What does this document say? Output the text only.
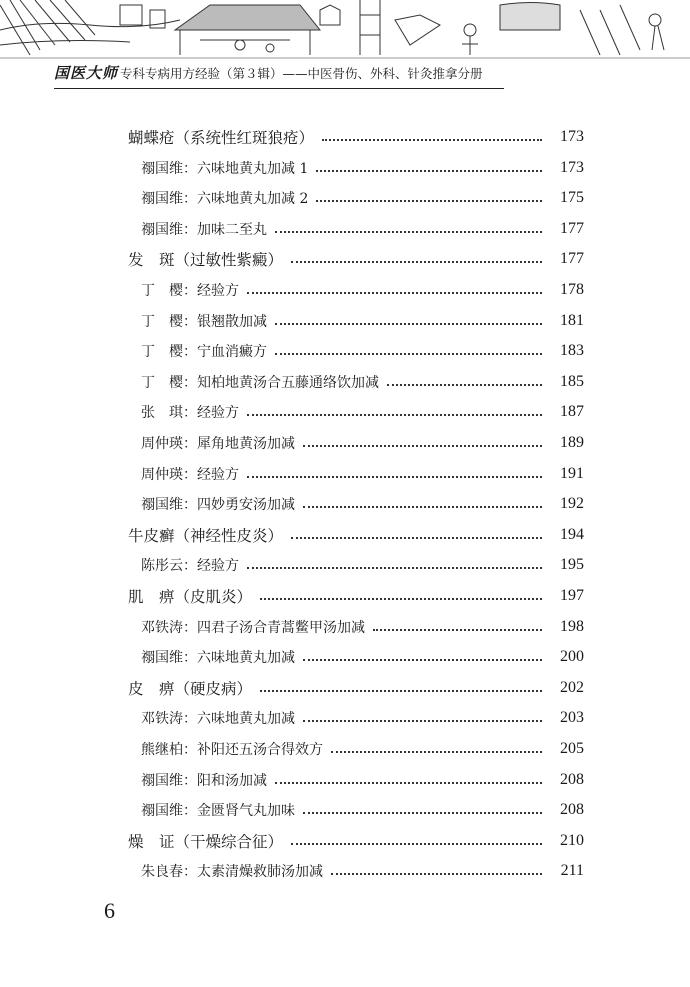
国医大师 专科专病用方经验（第３辑）——中医骨伤、外科、针灸推拿分册
蝴蝶疮（系统性红斑狼疮）	173
禤国维：六味地黄丸加减 1	173
禤国维：六味地黄丸加减 2	175
禤国维：加味二至丸	177
发　斑（过敏性紫癜）	177
丁　樱：经验方	178
丁　樱：银翘散加减	181
丁　樱：宁血消癜方	183
丁　樱：知柏地黄汤合五藤通络饮加减	185
张　琪：经验方	187
周仲瑛：犀角地黄汤加减	189
周仲瑛：经验方	191
禤国维：四妙勇安汤加减	192
牛皮癣（神经性皮炎）	194
陈彤云：经验方	195
肌　痹（皮肌炎）	197
邓铁涛：四君子汤合青蒿鳖甲汤加减	198
禤国维：六味地黄丸加减	200
皮　痹（硬皮病）	202
邓铁涛：六味地黄丸加减	203
熊继柏：补阳还五汤合得效方	205
禤国维：阳和汤加减	208
禤国维：金匮肾气丸加味	208
燥　证（干燥综合征）	210
朱良春：太素清燥救肺汤加减	211
6
